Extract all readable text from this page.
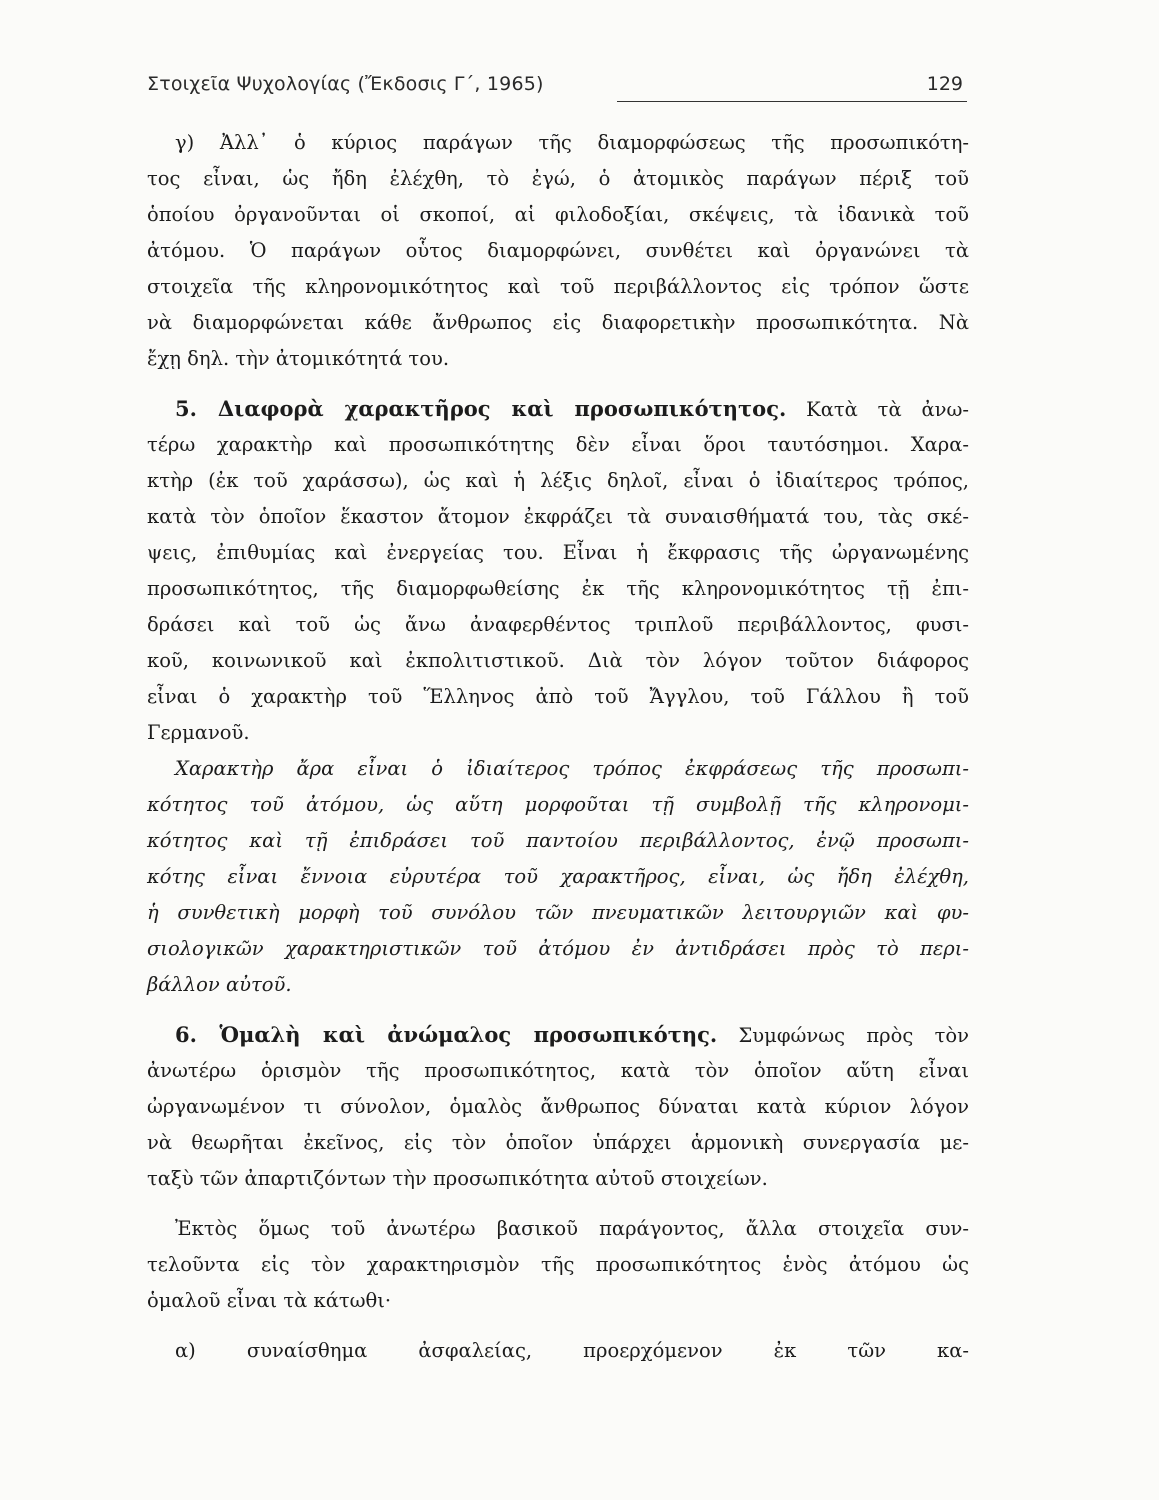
Στοιχεῖα Ψυχολογίας (Ἔκδοσις Γ΄, 1965)	129
γ) Ἀλλ᾽ ὁ κύριος παράγων τῆς διαμορφώσεως τῆς προσωπικότη-
τος εἶναι, ὡς ἤδη ἐλέχθη, τὸ ἐγώ, ὁ ἀτομικὸς παράγων πέριξ τοῦ
ὁποίου ὀργανοῦνται οἱ σκοποί, αἱ φιλοδοξίαι, σκέψεις, τὰ ἰδανικὰ τοῦ
ἀτόμου. Ὁ παράγων οὗτος διαμορφώνει, συνθέτει καὶ ὀργανώνει τὰ
στοιχεῖα τῆς κληρονομικότητος καὶ τοῦ περιβάλλοντος εἰς τρόπον ὥστε
νὰ διαμορφώνεται κάθε ἄνθρωπος εἰς διαφορετικὴν προσωπικότητα. Νὰ
ἔχῃ δηλ. τὴν ἀτομικότητά του.
5. Διαφορὰ χαρακτῆρος καὶ προσωπικότητος. Κατὰ τὰ ἀνω-
τέρω χαρακτὴρ καὶ προσωπικότητης δὲν εἶναι ὅροι ταυτόσημοι. Χαρα-
κτὴρ (ἐκ τοῦ χαράσσω), ὡς καὶ ἡ λέξις δηλοῖ, εἶναι ὁ ἰδιαίτερος τρόπος,
κατὰ τὸν ὁποῖον ἕκαστον ἄτομον ἐκφράζει τὰ συναισθήματά του, τὰς σκέ-
ψεις, ἐπιθυμίας καὶ ἐνεργείας του. Εἶναι ἡ ἔκφρασις τῆς ὠργανωμένης
προσωπικότητος, τῆς διαμορφωθείσης ἐκ τῆς κληρονομικότητος τῇ ἐπι-
δράσει καὶ τοῦ ὡς ἄνω ἀναφερθέντος τριπλοῦ περιβάλλοντος, φυσι-
κοῦ, κοινωνικοῦ καὶ ἐκπολιτιστικοῦ. Διὰ τὸν λόγον τοῦτον διάφορος
εἶναι ὁ χαρακτὴρ τοῦ Ἕλληνος ἀπὸ τοῦ Ἄγγλου, τοῦ Γάλλου ἢ τοῦ
Γερμανοῦ.
Χαρακτὴρ ἄρα εἶναι ὁ ἰδιαίτερος τρόπος ἐκφράσεως τῆς προσωπι-
κότητος τοῦ ἀτόμου, ὡς αὕτη μορφοῦται τῇ συμβολῇ τῆς κληρονομι-
κότητος καὶ τῇ ἐπιδράσει τοῦ παντοίου περιβάλλοντος, ἐνῷ προσωπι-
κότης εἶναι ἔννοια εὐρυτέρα τοῦ χαρακτῆρος, εἶναι, ὡς ἤδη ἐλέχθη,
ἡ συνθετικὴ μορφὴ τοῦ συνόλου τῶν πνευματικῶν λειτουργιῶν καὶ φυ-
σιολογικῶν χαρακτηριστικῶν τοῦ ἀτόμου ἐν ἀντιδράσει πρὸς τὸ περι-
βάλλον αὐτοῦ.
6. Ὁμαλὴ καὶ ἀνώμαλος προσωπικότης. Συμφώνως πρὸς τὸν
ἀνωτέρω ὁρισμὸν τῆς προσωπικότητος, κατὰ τὸν ὁποῖον αὕτη εἶναι
ὠργανωμένον τι σύνολον, ὁμαλὸς ἄνθρωπος δύναται κατὰ κύριον λόγον
νὰ θεωρῆται ἐκεῖνος, εἰς τὸν ὁποῖον ὑπάρχει ἁρμονικὴ συνεργασία με-
ταξὺ τῶν ἀπαρτιζόντων τὴν προσωπικότητα αὐτοῦ στοιχείων.
Ἐκτὸς ὅμως τοῦ ἀνωτέρω βασικοῦ παράγοντος, ἄλλα στοιχεῖα συν-
τελοῦντα εἰς τὸν χαρακτηρισμὸν τῆς προσωπικότητος ἑνὸς ἀτόμου ὡς
ὁμαλοῦ εἶναι τὰ κάτωθι·
α) συναίσθημα ἀσφαλείας, προερχόμενον ἐκ τῶν κα-
